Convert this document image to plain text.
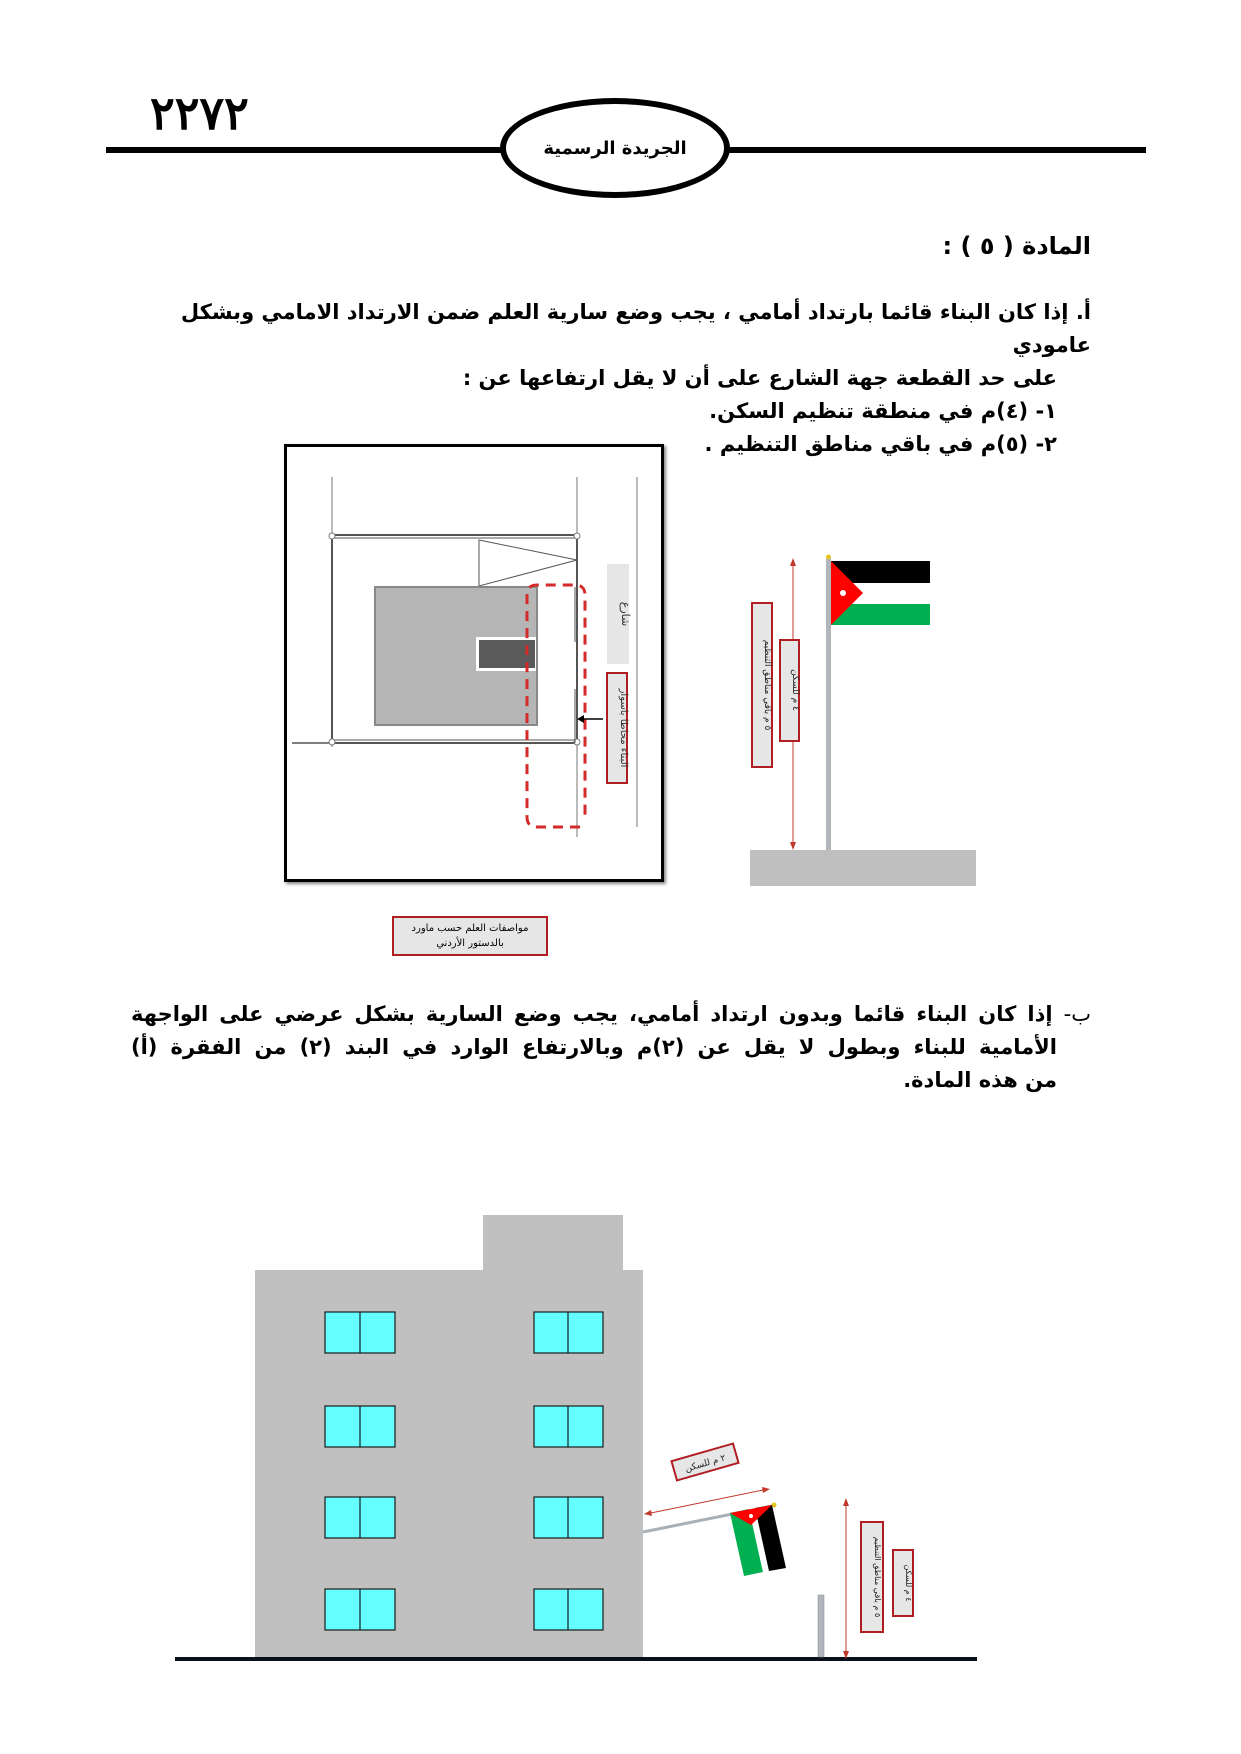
٢٢٧٢
الجريدة الرسمية
المادة ( ٥ ) :
أ. إذا كان البناء قائما بارتداد أمامي ، يجب وضع سارية العلم ضمن الارتداد الامامي وبشكل عامودي
على حد القطعة جهة الشارع على أن لا يقل ارتفاعها عن :
١- (٤)م في منطقة تنظيم السكن.
٢- (٥)م في باقي مناطق التنظيم .
شارع
البناء محاطا باسوار
٥ م باقي مناطق التنظيم
٤ م للسكن
مواصفات العلم حسب ماورد بالدستور الأردني
ب- إذا كان البناء قائما وبدون ارتداد أمامي، يجب وضع السارية بشكل عرضي على الواجهة
الأمامية للبناء وبطول لا يقل عن (٢)م وبالارتفاع الوارد في البند (٢) من الفقرة (أ)
من هذه المادة.
٢ م للسكن
٥ م باقي مناطق التنظيم
٤ م للسكن
